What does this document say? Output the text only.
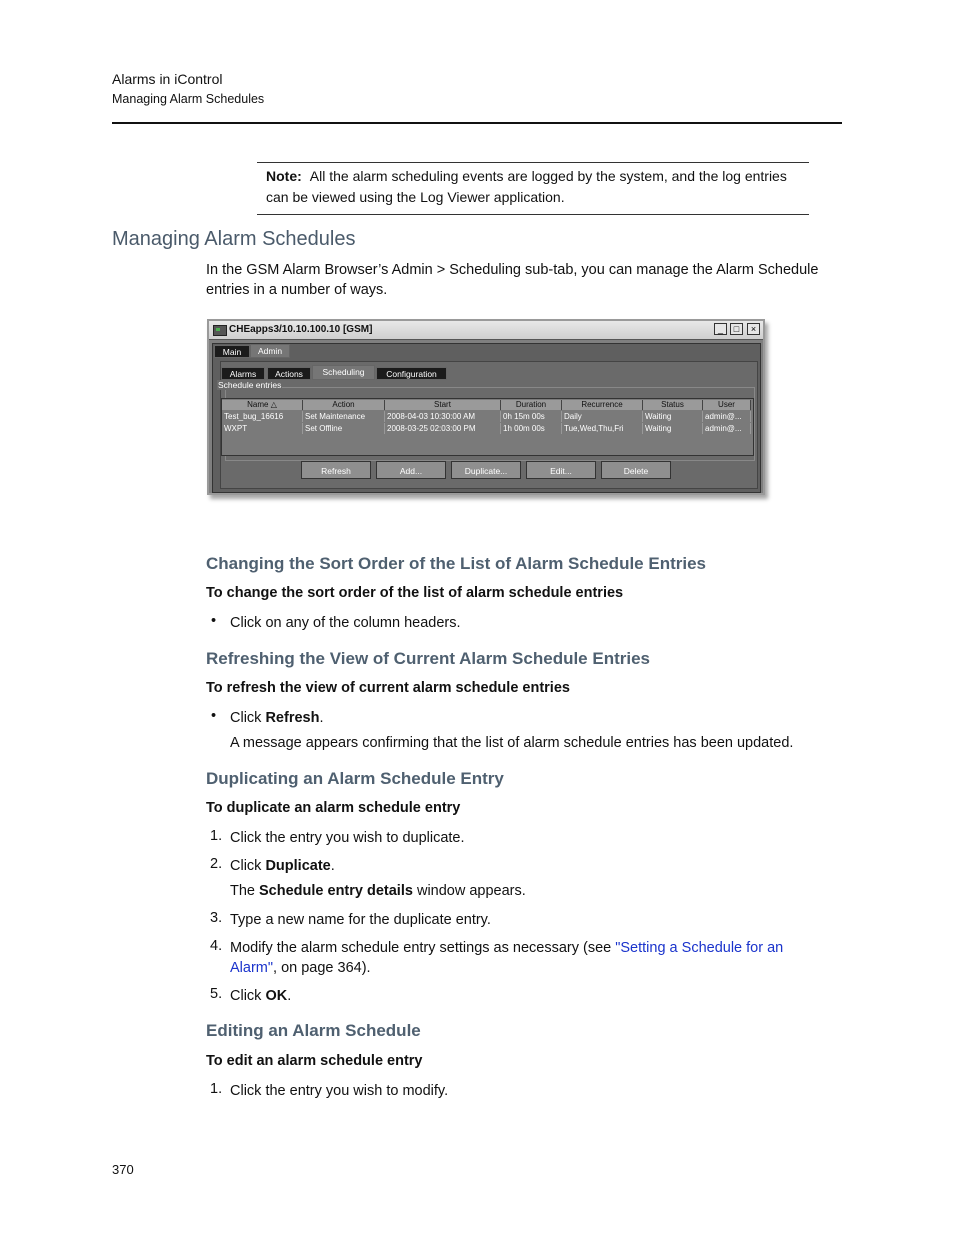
Alarms in iControl
Managing Alarm Schedules
Note: All the alarm scheduling events are logged by the system, and the log entries can be viewed using the Log Viewer application.
Managing Alarm Schedules
In the GSM Alarm Browser’s Admin > Scheduling sub-tab, you can manage the Alarm Schedule entries in a number of ways.
CHEapps3/10.10.100.10 [GSM]	_	□	×
Main	Admin
Alarms	Actions	Scheduling	Configuration
Schedule entries
Name △	Action	Start	Duration	Recurrence	Status	User
Test_bug_16616	Set Maintenance	2008-04-03 10:30:00 AM	0h 15m 00s	Daily	Waiting	admin@...
WXPT	Set Offline	2008-03-25 02:03:00 PM	1h 00m 00s	Tue,Wed,Thu,Fri	Waiting	admin@...
Refresh	Add...	Duplicate...	Edit...	Delete
Changing the Sort Order of the List of Alarm Schedule Entries
To change the sort order of the list of alarm schedule entries
• Click on any of the column headers.
Refreshing the View of Current Alarm Schedule Entries
To refresh the view of current alarm schedule entries
• Click Refresh.
A message appears confirming that the list of alarm schedule entries has been updated.
Duplicating an Alarm Schedule Entry
To duplicate an alarm schedule entry
1. Click the entry you wish to duplicate.
2. Click Duplicate.
The Schedule entry details window appears.
3. Type a new name for the duplicate entry.
4. Modify the alarm schedule entry settings as necessary (see "Setting a Schedule for an Alarm", on page 364).
5. Click OK.
Editing an Alarm Schedule
To edit an alarm schedule entry
1. Click the entry you wish to modify.
370
